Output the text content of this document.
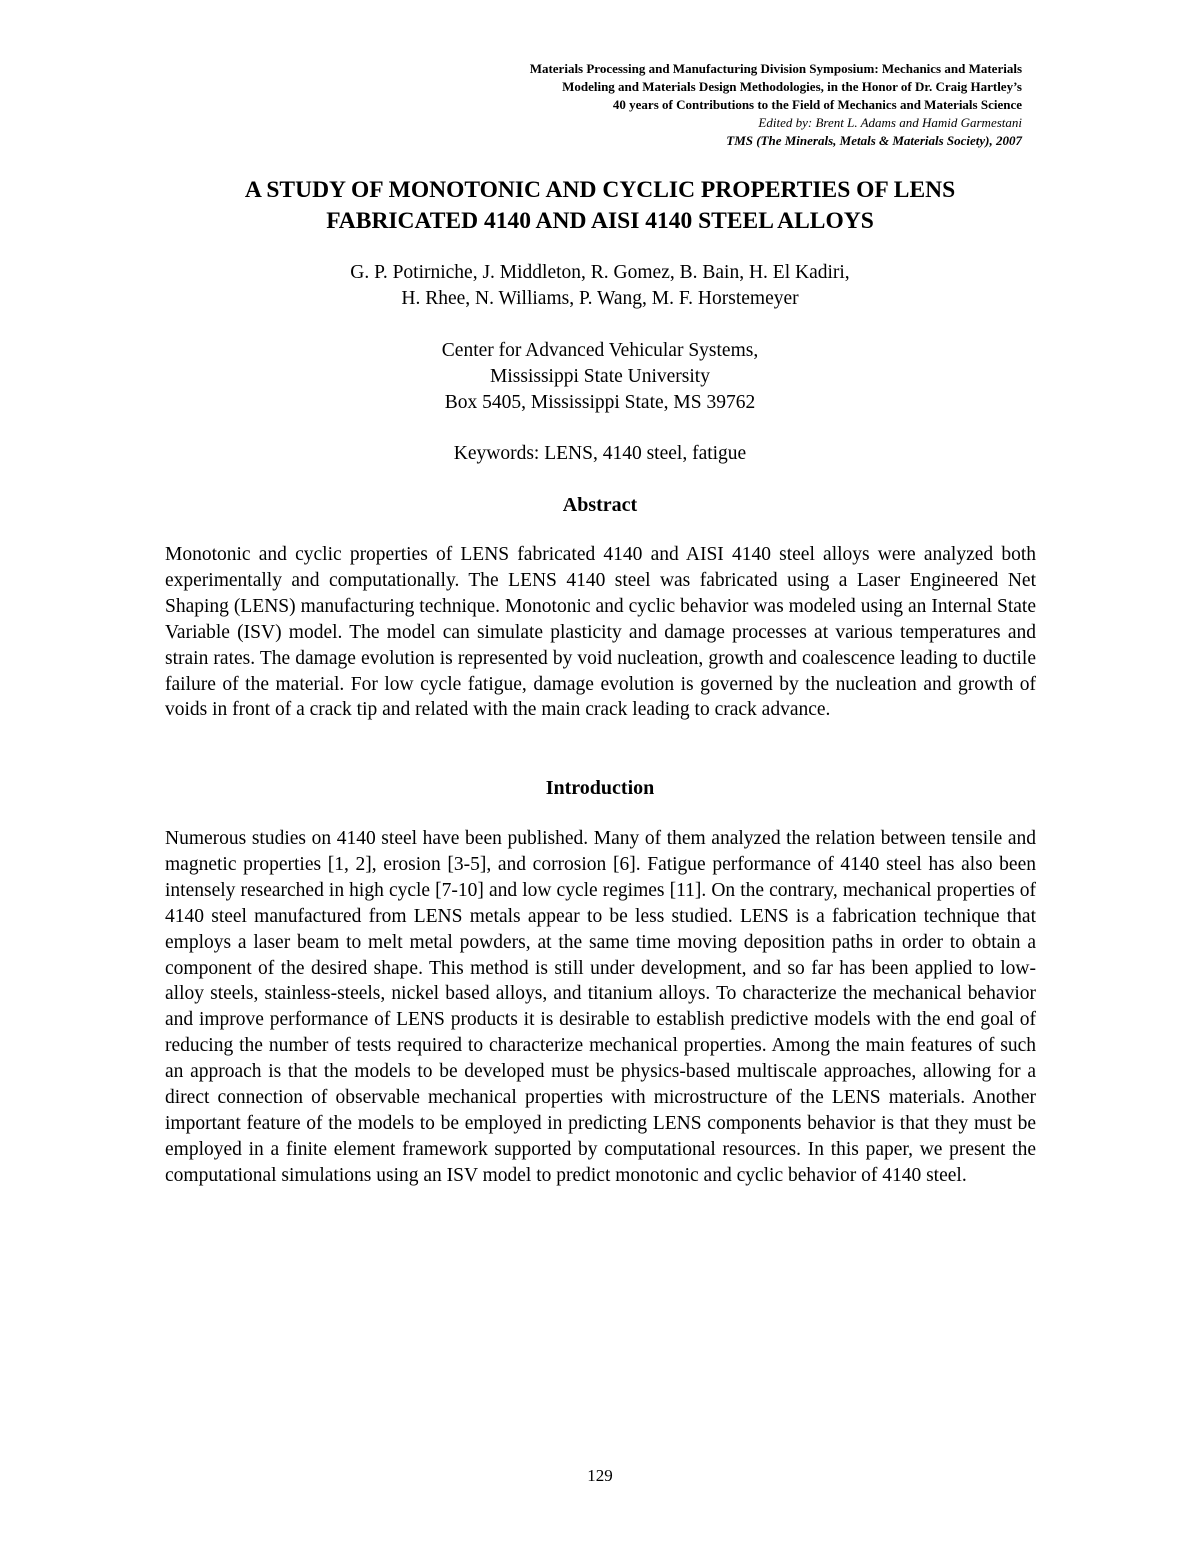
Materials Processing and Manufacturing Division Symposium: Mechanics and Materials
Modeling and Materials Design Methodologies, in the Honor of Dr. Craig Hartley’s
40 years of Contributions to the Field of Mechanics and Materials Science
Edited by: Brent L. Adams and Hamid Garmestani
TMS (The Minerals, Metals & Materials Society), 2007
A STUDY OF MONOTONIC AND CYCLIC PROPERTIES OF LENS
FABRICATED 4140 AND AISI 4140 STEEL ALLOYS
G. P. Potirniche, J. Middleton, R. Gomez, B. Bain, H. El Kadiri,
H. Rhee, N. Williams, P. Wang, M. F. Horstemeyer
Center for Advanced Vehicular Systems,
Mississippi State University
Box 5405, Mississippi State, MS 39762
Keywords: LENS, 4140 steel, fatigue
Abstract

Monotonic and cyclic properties of LENS fabricated 4140 and AISI 4140 steel alloys were analyzed both experimentally and computationally. The LENS 4140 steel was fabricated using a Laser Engineered Net Shaping (LENS) manufacturing technique. Monotonic and cyclic behavior was modeled using an Internal State Variable (ISV) model. The model can simulate plasticity and damage processes at various temperatures and strain rates. The damage evolution is represented by void nucleation, growth and coalescence leading to ductile failure of the material. For low cycle fatigue, damage evolution is governed by the nucleation and growth of voids in front of a crack tip and related with the main crack leading to crack advance.

Introduction

Numerous studies on 4140 steel have been published. Many of them analyzed the relation between tensile and magnetic properties [1, 2], erosion [3-5], and corrosion [6]. Fatigue performance of 4140 steel has also been intensely researched in high cycle [7-10] and low cycle regimes [11]. On the contrary, mechanical properties of 4140 steel manufactured from LENS metals appear to be less studied. LENS is a fabrication technique that employs a laser beam to melt metal powders, at the same time moving deposition paths in order to obtain a component of the desired shape. This method is still under development, and so far has been applied to low-alloy steels, stainless-steels, nickel based alloys, and titanium alloys. To characterize the mechanical behavior and improve performance of LENS products it is desirable to establish predictive models with the end goal of reducing the number of tests required to characterize mechanical properties. Among the main features of such an approach is that the models to be developed must be physics-based multiscale approaches, allowing for a direct connection of observable mechanical properties with microstructure of the LENS materials. Another important feature of the models to be employed in predicting LENS components behavior is that they must be employed in a finite element framework supported by computational resources. In this paper, we present the computational simulations using an ISV model to predict monotonic and cyclic behavior of 4140 steel.

129
